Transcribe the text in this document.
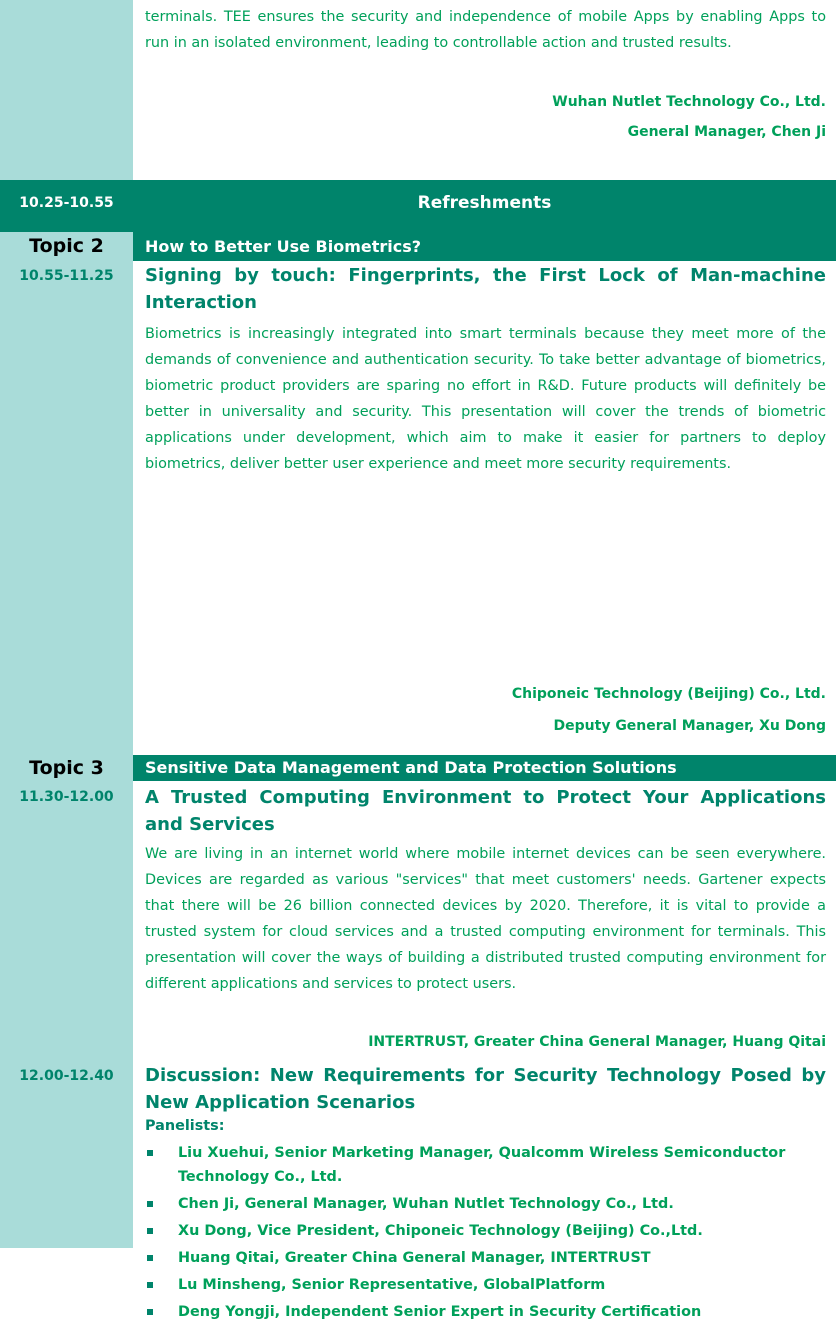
terminals. TEE ensures the security and independence of mobile Apps by enabling Apps to run in an isolated environment, leading to controllable action and trusted results.
Wuhan Nutlet Technology Co., Ltd.
General Manager, Chen Ji
10.25-10.55	Refreshments
Topic 2	How to Better Use Biometrics?
10.55-11.25	Signing by touch: Fingerprints, the First Lock of Man-machine Interaction
Biometrics is increasingly integrated into smart terminals because they meet more of the demands of convenience and authentication security. To take better advantage of biometrics, biometric product providers are sparing no effort in R&D. Future products will definitely be better in universality and security. This presentation will cover the trends of biometric applications under development, which aim to make it easier for partners to deploy biometrics, deliver better user experience and meet more security requirements.
Chiponeic Technology (Beijing) Co., Ltd.
Deputy General Manager, Xu Dong
Topic 3	Sensitive Data Management and Data Protection Solutions
11.30-12.00	A Trusted Computing Environment to Protect Your Applications and Services
We are living in an internet world where mobile internet devices can be seen everywhere. Devices are regarded as various "services" that meet customers' needs. Gartener expects that there will be 26 billion connected devices by 2020. Therefore, it is vital to provide a trusted system for cloud services and a trusted computing environment for terminals. This presentation will cover the ways of building a distributed trusted computing environment for different applications and services to protect users.
INTERTRUST, Greater China General Manager, Huang Qitai
12.00-12.40	Discussion: New Requirements for Security Technology Posed by New Application Scenarios
Panelists:
Liu Xuehui, Senior Marketing Manager, Qualcomm Wireless Semiconductor Technology Co., Ltd.
Chen Ji, General Manager, Wuhan Nutlet Technology Co., Ltd.
Xu Dong, Vice President, Chiponeic Technology (Beijing) Co.,Ltd.
Huang Qitai, Greater China General Manager, INTERTRUST
Lu Minsheng, Senior Representative, GlobalPlatform
Deng Yongji, Independent Senior Expert in Security Certification
